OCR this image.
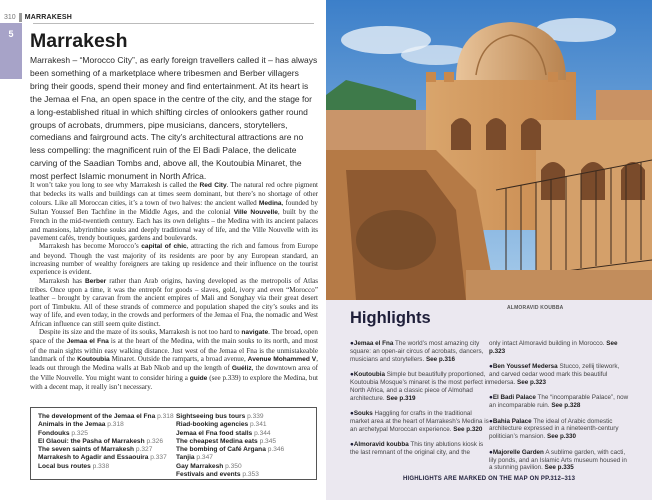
310 MARRAKESH
5 Marrakesh

Marrakesh – “Morocco City”, as early foreign travellers called it – has always been something of a marketplace where tribesmen and Berber villagers bring their goods, spend their money and find entertainment. At its heart is the Jemaa el Fna, an open space in the centre of the city, and the stage for a long-established ritual in which shifting circles of onlookers gather round groups of acrobats, drummers, pipe musicians, dancers, storytellers, comedians and fairground acts. The city’s architectural attractions are no less compelling: the magnificent ruin of the El Badi Palace, the delicate carving of the Saadian Tombs and, above all, the Koutoubia Minaret, the most perfect Islamic monument in North Africa.

It won’t take you long to see why Marrakesh is called the Red City. The natural red ochre pigment that bedecks its walls and buildings can at times seem dominant, but there’s no shortage of other colours. Like all Moroccan cities, it’s a town of two halves: the ancient walled Medina, founded by Sultan Youssef Ben Tachfine in the Middle Ages, and the colonial Ville Nouvelle, built by the French in the mid-twentieth century. Each has its own delights – the Medina with its ancient palaces and mansions, labyrinthine souks and deeply traditional way of life, and the Ville Nouvelle with its pavement cafés, trendy boutiques, gardens and boulevards.

Marrakesh has become Morocco’s capital of chic, attracting the rich and famous from Europe and beyond. Though the vast majority of its residents are poor by any European standard, an increasing number of wealthy foreigners are taking up residence and their influence on the tourist experience is evident.

Marrakesh has Berber rather than Arab origins, having developed as the metropolis of Atlas tribes. Once upon a time, it was the entrepôt for goods – slaves, gold, ivory and even “Morocco” leather – brought by caravan from the ancient empires of Mali and Songhay via their great desert port of Timbuktu. All of these strands of commerce and population shaped the city’s souks and its way of life, and even today, in the crowds and performers of the Jemaa el Fna, the nomadic and West African influence can still seem quite distinct.

Despite its size and the maze of its souks, Marrakesh is not too hard to navigate. The broad, open space of the Jemaa el Fna is at the heart of the Medina, with the main souks to its north, and most of the main sights within easy walking distance. Just west of the Jemaa el Fna is the unmistakeable landmark of the Koutoubia Minaret. Outside the ramparts, a broad avenue, Avenue Mohammed V, leads out through the Medina walls at Bab Nkob and up the length of Guéliz, the downtown area of the Ville Nouvelle. You might want to consider hiring a guide (see p.339) to explore the Medina, but with a decent map, it really isn’t necessary.

The development of the Jemaa el Fna p.318
Animals in the Jemaa p.318
Fondouks p.325
El Glaoui: the Pasha of Marrakesh p.326
The seven saints of Marrakesh p.327
Marrakesh to Agadir and Essaouira p.337
Local bus routes p.338
Sightseeing bus tours p.339
Riad-booking agencies p.341
Jemaa el Fna food stalls p.344
The cheapest Medina eats p.345
The bombing of Café Argana p.346
Tanjia p.347
Gay Marrakesh p.350
Festivals and events p.353
ALMORAVID KOUBBA
Highlights
●Jemaa el Fna The world’s most amazing city square: an open-air circus of acrobats, dancers, musicians and storytellers. See p.316
●Koutoubia Simple but beautifully proportioned, Koutoubia Mosque’s minaret is the most perfect in North Africa, and a classic piece of Almohad architecture. See p.319
●Souks Haggling for crafts in the traditional market area at the heart of Marrakesh’s Medina is an archetypal Moroccan experience. See p.320
●Almoravid koubba This tiny ablutions kiosk is the last remnant of the original city, and the
only intact Almoravid building in Morocco. See p.323
●Ben Youssef Medersa Stucco, zellij tilework, and carved cedar wood mark this beautiful medersa. See p.323
●El Badi Palace The “incomparable Palace”, now an incomparable ruin. See p.328
●Bahia Palace The ideal of Arabic domestic architecture expressed in a nineteenth-century politician’s mansion. See p.330
●Majorelle Garden A sublime garden, with cacti, lily ponds, and an Islamic Arts museum housed in a stunning pavilion. See p.335
HIGHLIGHTS ARE MARKED ON THE MAP ON PP.312–313
